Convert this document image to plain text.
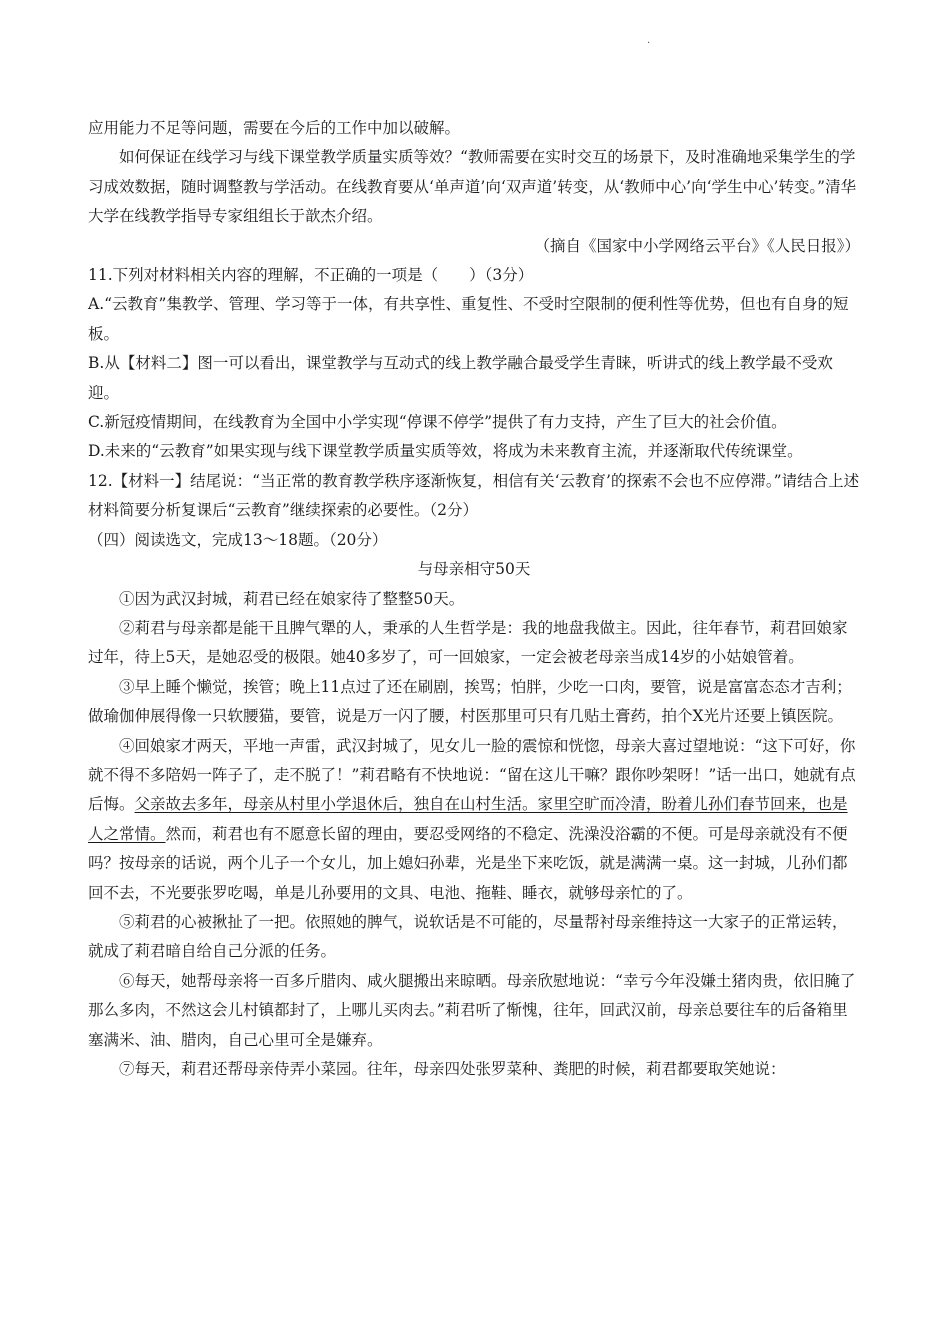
·

应用能力不足等问题，需要在今后的工作中加以破解。

如何保证在线学习与线下课堂教学质量实质等效？“教师需要在实时交互的场景下，及时准确地采集学生的学习成效数据，随时调整教与学活动。在线教育要从‘单声道’向‘双声道’转变，从‘教师中心’向‘学生中心’转变。”清华大学在线教学指导专家组组长于歆杰介绍。

（摘自《国家中小学网络云平台》《人民日报》）

11.下列对材料相关内容的理解，不正确的一项是（　　）（3分）

A.“云教育”集教学、管理、学习等于一体，有共享性、重复性、不受时空限制的便利性等优势，但也有自身的短板。

B.从【材料二】图一可以看出，课堂教学与互动式的线上教学融合最受学生青睐，听讲式的线上教学最不受欢迎。

C.新冠疫情期间，在线教育为全国中小学实现“停课不停学”提供了有力支持，产生了巨大的社会价值。

D.未来的“云教育”如果实现与线下课堂教学质量实质等效，将成为未来教育主流，并逐渐取代传统课堂。

12.【材料一】结尾说：“当正常的教育教学秩序逐渐恢复，相信有关‘云教育’的探索不会也不应停滞。”请结合上述材料简要分析复课后“云教育”继续探索的必要性。（2分）

（四）阅读选文，完成13～18题。（20分）

与母亲相守50天

①因为武汉封城，莉君已经在娘家待了整整50天。

②莉君与母亲都是能干且脾气犟的人，秉承的人生哲学是：我的地盘我做主。因此，往年春节，莉君回娘家过年，待上5天，是她忍受的极限。她40多岁了，可一回娘家，一定会被老母亲当成14岁的小姑娘管着。

③早上睡个懒觉，挨管；晚上11点过了还在刷剧，挨骂；怕胖，少吃一口肉，要管，说是富富态态才吉利；做瑜伽伸展得像一只软腰猫，要管，说是万一闪了腰，村医那里可只有几贴土膏药，拍个X光片还要上镇医院。

④回娘家才两天，平地一声雷，武汉封城了，见女儿一脸的震惊和恍惚，母亲大喜过望地说：“这下可好，你就不得不多陪妈一阵子了，走不脱了！”莉君略有不快地说：“留在这儿干嘛？跟你吵架呀！”话一出口，她就有点后悔。父亲故去多年，母亲从村里小学退休后，独自在山村生活。家里空旷而冷清，盼着儿孙们春节回来，也是人之常情。然而，莉君也有不愿意长留的理由，要忍受网络的不稳定、洗澡没浴霸的不便。可是母亲就没有不便吗？按母亲的话说，两个儿子一个女儿，加上媳妇孙辈，光是坐下来吃饭，就是满满一桌。这一封城，儿孙们都回不去，不光要张罗吃喝，单是儿孙要用的文具、电池、拖鞋、睡衣，就够母亲忙的了。

⑤莉君的心被揪扯了一把。依照她的脾气，说软话是不可能的，尽量帮衬母亲维持这一大家子的正常运转，就成了莉君暗自给自己分派的任务。

⑥每天，她帮母亲将一百多斤腊肉、咸火腿搬出来晾晒。母亲欣慰地说：“幸亏今年没嫌土猪肉贵，依旧腌了那么多肉，不然这会儿村镇都封了，上哪儿买肉去。”莉君听了惭愧，往年，回武汉前，母亲总要往车的后备箱里塞满米、油、腊肉，自己心里可全是嫌弃。

⑦每天，莉君还帮母亲侍弄小菜园。往年，母亲四处张罗菜种、粪肥的时候，莉君都要取笑她说：
